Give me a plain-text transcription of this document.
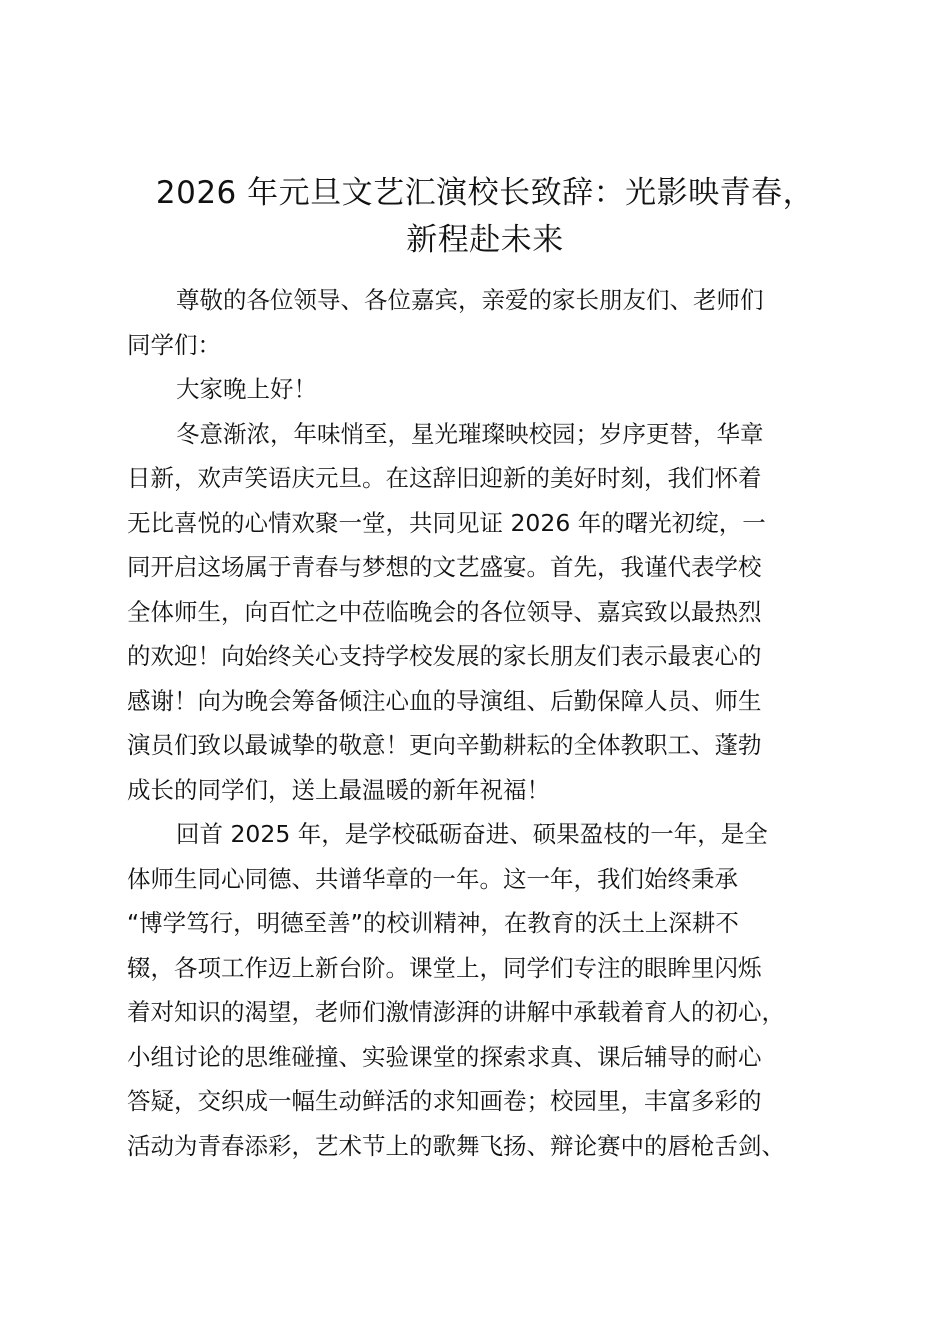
2026 年元旦文艺汇演校长致辞：光影映青春，
新程赴未来
尊敬的各位领导、各位嘉宾，亲爱的家长朋友们、老师们
同学们：
大家晚上好！
冬意渐浓，年味悄至，星光璀璨映校园；岁序更替，华章
日新，欢声笑语庆元旦。在这辞旧迎新的美好时刻，我们怀着
无比喜悦的心情欢聚一堂，共同见证 2026 年的曙光初绽，一
同开启这场属于青春与梦想的文艺盛宴。首先，我谨代表学校
全体师生，向百忙之中莅临晚会的各位领导、嘉宾致以最热烈
的欢迎！向始终关心支持学校发展的家长朋友们表示最衷心的
感谢！向为晚会筹备倾注心血的导演组、后勤保障人员、师生
演员们致以最诚挚的敬意！更向辛勤耕耘的全体教职工、蓬勃
成长的同学们，送上最温暖的新年祝福！
回首 2025 年，是学校砥砺奋进、硕果盈枝的一年，是全
体师生同心同德、共谱华章的一年。这一年，我们始终秉承
“博学笃行，明德至善”的校训精神，在教育的沃土上深耕不
辍，各项工作迈上新台阶。课堂上，同学们专注的眼眸里闪烁
着对知识的渴望，老师们激情澎湃的讲解中承载着育人的初心，
小组讨论的思维碰撞、实验课堂的探索求真、课后辅导的耐心
答疑，交织成一幅生动鲜活的求知画卷；校园里，丰富多彩的
活动为青春添彩，艺术节上的歌舞飞扬、辩论赛中的唇枪舌剑、
